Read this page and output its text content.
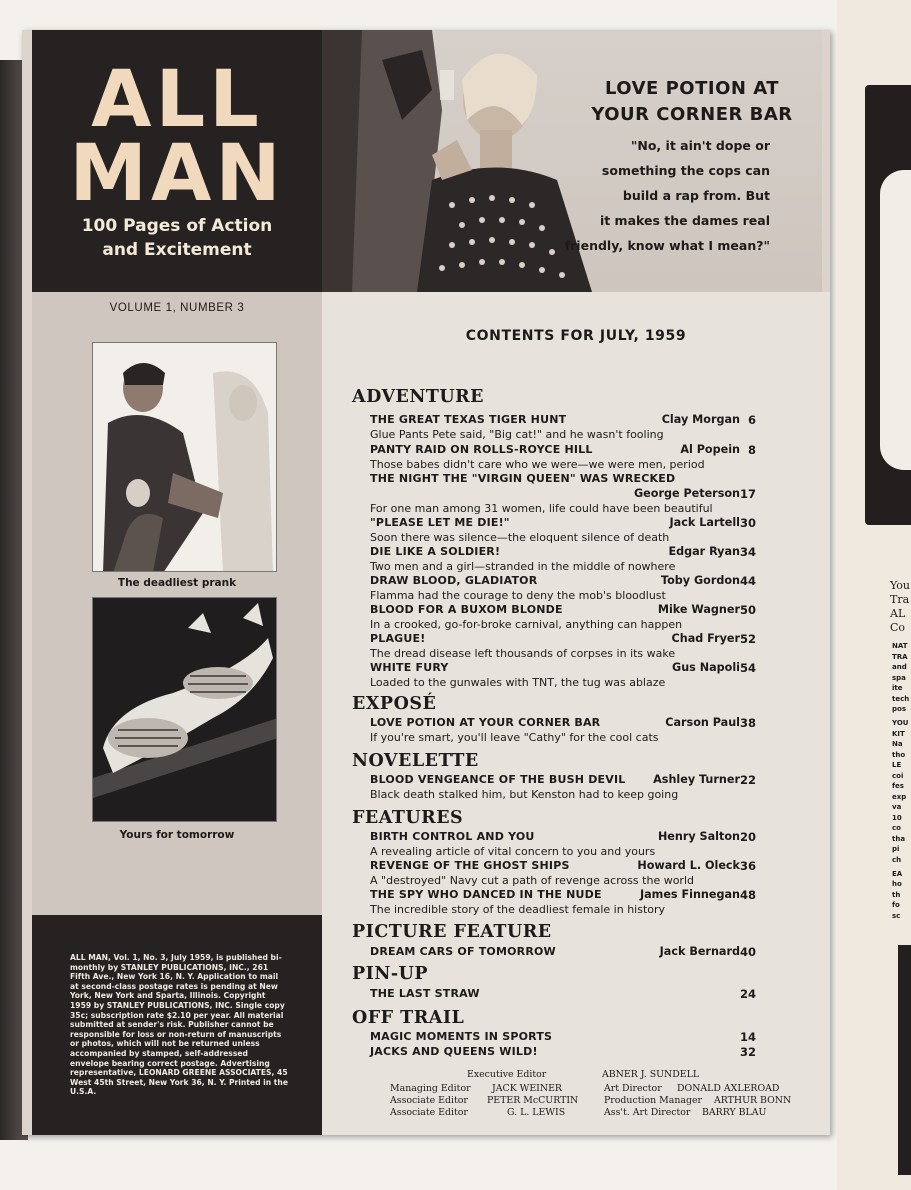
ALL
MAN
100 Pages of Action
and Excitement
LOVE POTION AT
YOUR CORNER BAR
"No, it ain't dope or
something the cops can
build a rap from. But
it makes the dames real
friendly, know what I mean?"
VOLUME 1, NUMBER 3
The deadliest prank
Yours for tomorrow
ALL MAN, Vol. 1, No. 3, July 1959, is published bi-monthly by STANLEY PUBLICATIONS, INC., 261 Fifth Ave., New York 16, N. Y. Application to mail at second-class postage rates is pending at New York, New York and Sparta, Illinois. Copyright 1959 by STANLEY PUBLICATIONS, INC. Single copy 35c; subscription rate $2.10 per year. All material submitted at sender's risk. Publisher cannot be responsible for loss or non-return of manuscripts or photos, which will not be returned unless accompanied by stamped, self-addressed envelope bearing correct postage. Advertising representative, LEONARD GREENE ASSOCIATES, 45 West 45th Street, New York 36, N. Y. Printed in the U.S.A.
CONTENTS FOR JULY, 1959
ADVENTURE
THE GREAT TEXAS TIGER HUNT	Clay Morgan 6
Glue Pants Pete said, "Big cat!" and he wasn't fooling
PANTY RAID ON ROLLS-ROYCE HILL	Al Popein 8
Those babes didn't care who we were—we were men, period
THE NIGHT THE "VIRGIN QUEEN" WAS WRECKED
George Peterson 17
For one man among 31 women, life could have been beautiful
"PLEASE LET ME DIE!"	Jack Lartell 30
Soon there was silence—the eloquent silence of death
DIE LIKE A SOLDIER!	Edgar Ryan 34
Two men and a girl—stranded in the middle of nowhere
DRAW BLOOD, GLADIATOR	Toby Gordon 44
Flamma had the courage to deny the mob's bloodlust
BLOOD FOR A BUXOM BLONDE	Mike Wagner 50
In a crooked, go-for-broke carnival, anything can happen
PLAGUE!	Chad Fryer 52
The dread disease left thousands of corpses in its wake
WHITE FURY	Gus Napoli 54
Loaded to the gunwales with TNT, the tug was ablaze
EXPOSÉ
LOVE POTION AT YOUR CORNER BAR	Carson Paul 38
If you're smart, you'll leave "Cathy" for the cool cats
NOVELETTE
BLOOD VENGEANCE OF THE BUSH DEVIL Ashley Turner 22
Black death stalked him, but Kenston had to keep going
FEATURES
BIRTH CONTROL AND YOU	Henry Salton 20
A revealing article of vital concern to you and yours
REVENGE OF THE GHOST SHIPS	Howard L. Oleck 36
A "destroyed" Navy cut a path of revenge across the world
THE SPY WHO DANCED IN THE NUDE	James Finnegan 48
The incredible story of the deadliest female in history
PICTURE FEATURE
DREAM CARS OF TOMORROW	Jack Bernard 40
PIN-UP
THE LAST STRAW	24
OFF TRAIL
MAGIC MOMENTS IN SPORTS	14
JACKS AND QUEENS WILD!	32
Executive Editor	ABNER J. SUNDELL
Managing Editor JACK WEINER	Art Director DONALD AXLEROAD
Associate Editor PETER McCURTIN	Production Manager ARTHUR BONN
Associate Editor	G. L. LEWIS	Ass't. Art Director BARRY BLAU
You
Tra
AL
Co
NAT
TRA
and
spa
ite
tech
pos
YOU
KIT
Na
tho
LE
coi
fes
exp
va
10
co
tha
pi
ch
EA
ho
th
fo
sc
